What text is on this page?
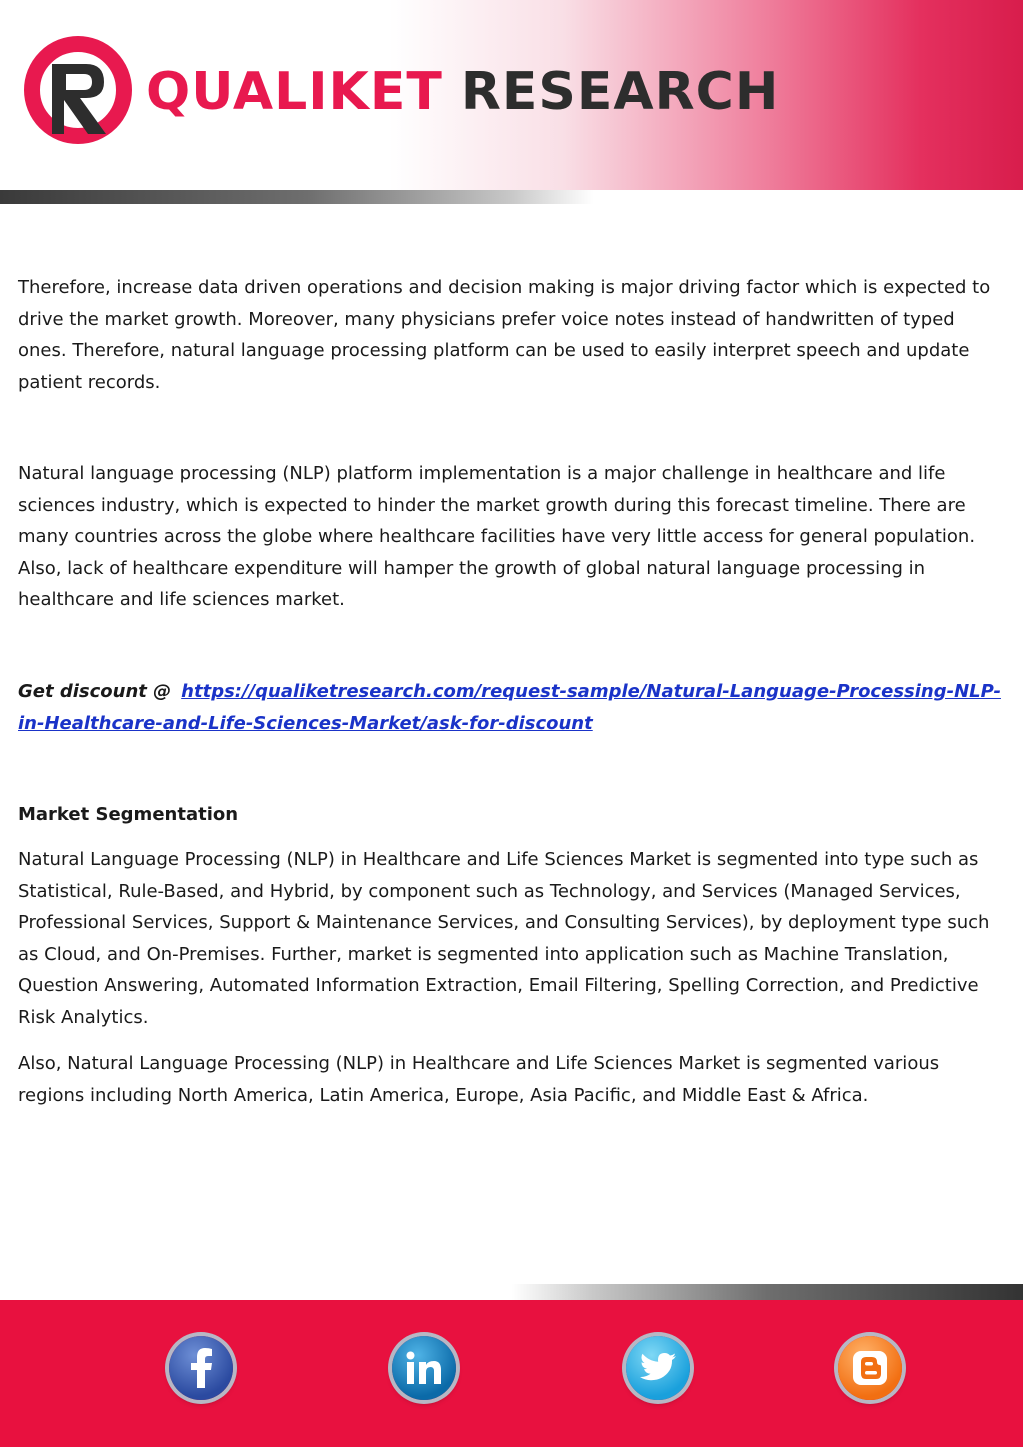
QUALIKET RESEARCH

Therefore, increase data driven operations and decision making is major driving factor which is expected to drive the market growth. Moreover, many physicians prefer voice notes instead of handwritten of typed ones. Therefore, natural language processing platform can be used to easily interpret speech and update patient records.

Natural language processing (NLP) platform implementation is a major challenge in healthcare and life sciences industry, which is expected to hinder the market growth during this forecast timeline. There are many countries across the globe where healthcare facilities have very little access for general population. Also, lack of healthcare expenditure will hamper the growth of global natural language processing in healthcare and life sciences market.

Get discount @ https://qualiketresearch.com/request-sample/Natural-Language-Processing-NLP-
in-Healthcare-and-Life-Sciences-Market/ask-for-discount
Market Segmentation

Natural Language Processing (NLP) in Healthcare and Life Sciences Market is segmented into type such as Statistical, Rule-Based, and Hybrid, by component such as Technology, and Services (Managed Services, Professional Services, Support & Maintenance Services, and Consulting Services), by deployment type such as Cloud, and On-Premises. Further, market is segmented into application such as Machine Translation, Question Answering, Automated Information Extraction, Email Filtering, Spelling Correction, and Predictive Risk Analytics.

Also, Natural Language Processing (NLP) in Healthcare and Life Sciences Market is segmented various regions including North America, Latin America, Europe, Asia Pacific, and Middle East & Africa.
